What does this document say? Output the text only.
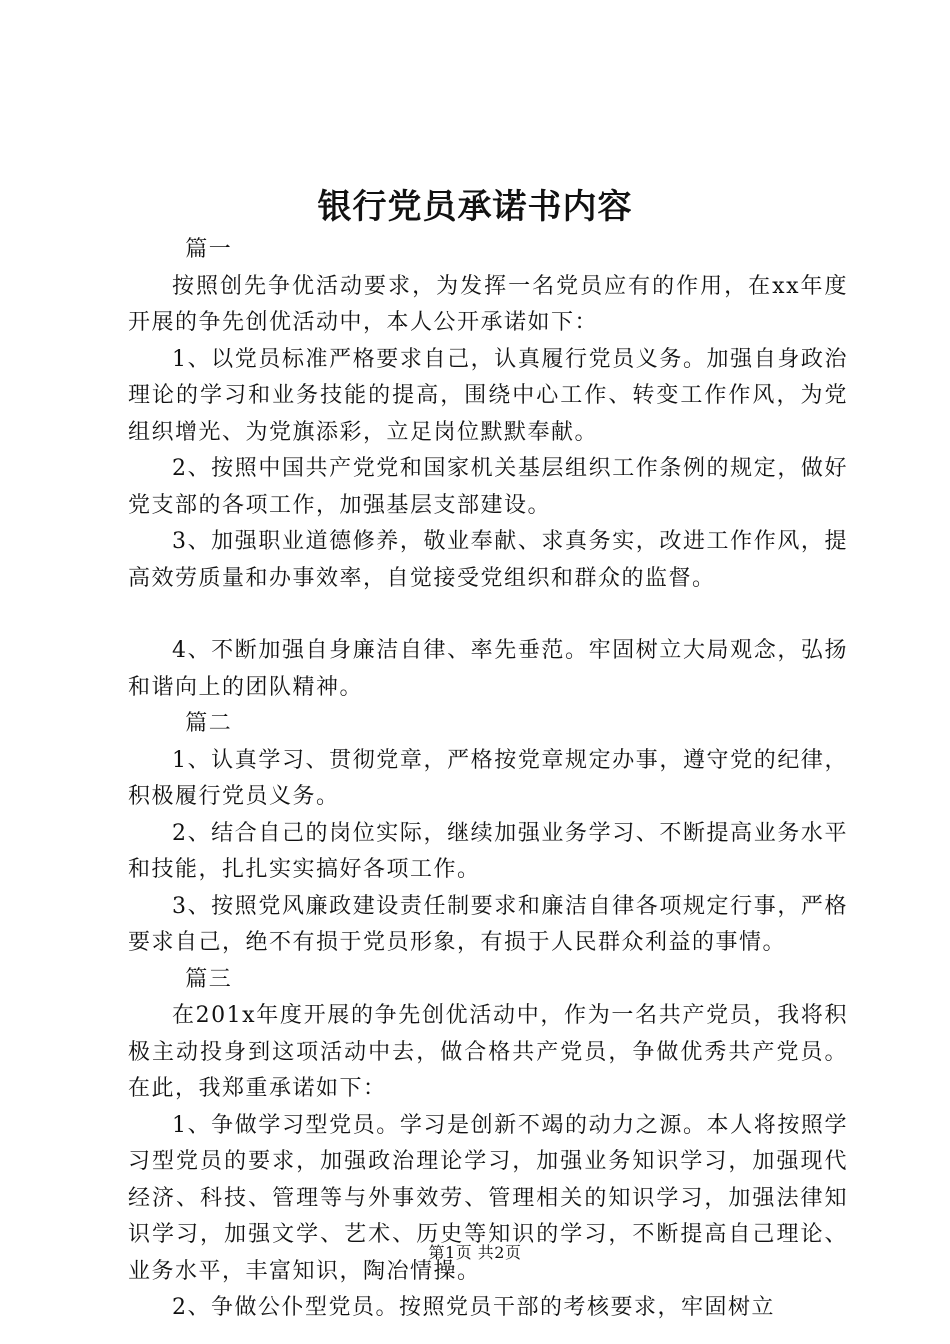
银行党员承诺书内容

篇一

按照创先争优活动要求，为发挥一名党员应有的作用，在xx年度开展的争先创优活动中，本人公开承诺如下：

1、以党员标准严格要求自己，认真履行党员义务。加强自身政治理论的学习和业务技能的提高，围绕中心工作、转变工作作风，为党组织增光、为党旗添彩，立足岗位默默奉献。

2、按照中国共产党党和国家机关基层组织工作条例的规定，做好党支部的各项工作，加强基层支部建设。

3、加强职业道德修养，敬业奉献、求真务实，改进工作作风，提高效劳质量和办事效率，自觉接受党组织和群众的监督。

4、不断加强自身廉洁自律、率先垂范。牢固树立大局观念，弘扬和谐向上的团队精神。

篇二

1、认真学习、贯彻党章，严格按党章规定办事，遵守党的纪律，积极履行党员义务。

2、结合自己的岗位实际，继续加强业务学习、不断提高业务水平和技能，扎扎实实搞好各项工作。

3、按照党风廉政建设责任制要求和廉洁自律各项规定行事，严格要求自己，绝不有损于党员形象，有损于人民群众利益的事情。

篇三

在201x年度开展的争先创优活动中，作为一名共产党员，我将积极主动投身到这项活动中去，做合格共产党员，争做优秀共产党员。在此，我郑重承诺如下：

1、争做学习型党员。学习是创新不竭的动力之源。本人将按照学习型党员的要求，加强政治理论学习，加强业务知识学习，加强现代经济、科技、管理等与外事效劳、管理相关的知识学习，加强法律知识学习，加强文学、艺术、历史等知识的学习，不断提高自己理论、业务水平，丰富知识，陶冶情操。

2、争做公仆型党员。按照党员干部的考核要求，牢固树立

第1页 共2页
